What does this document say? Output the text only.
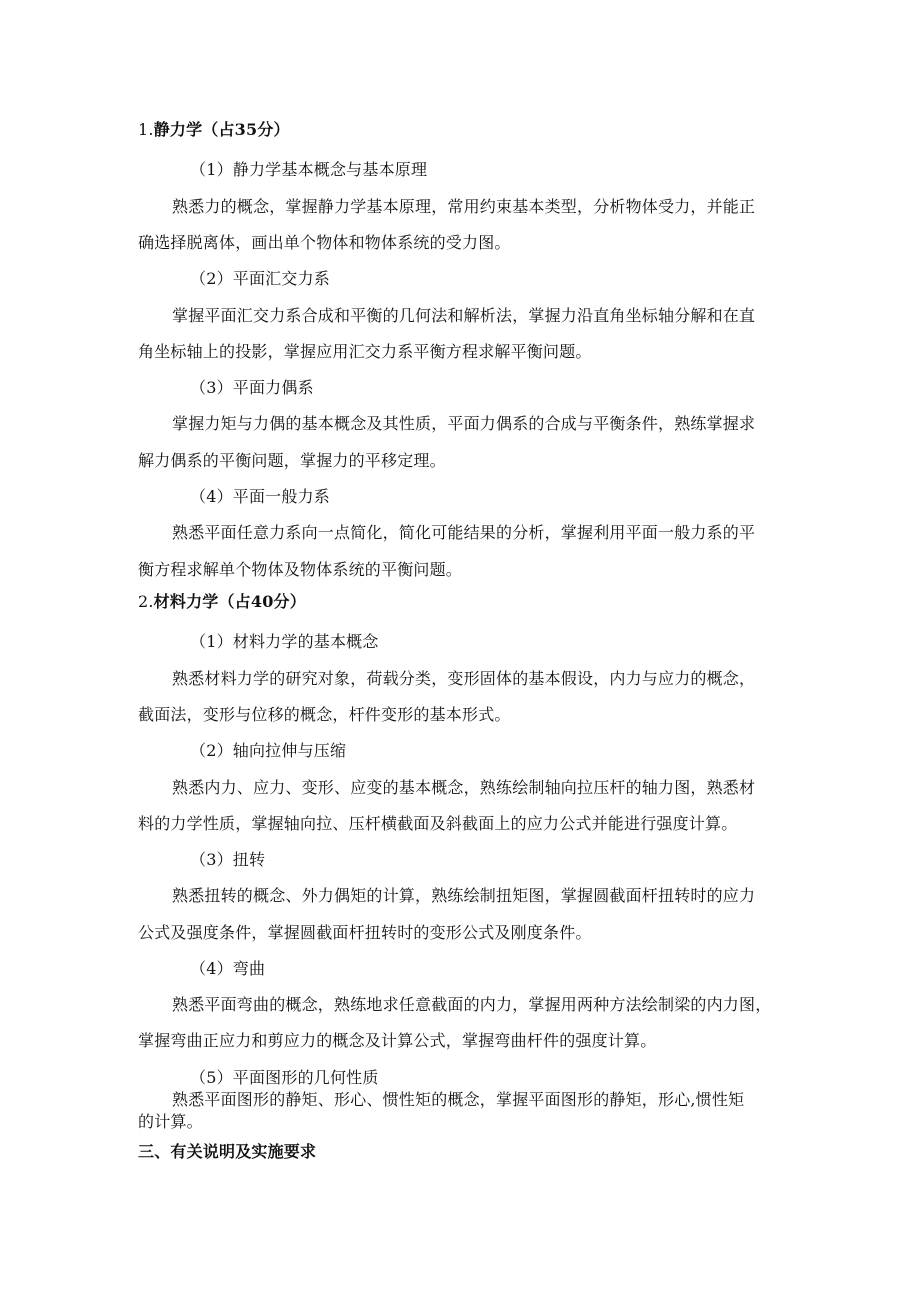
1.静力学（占35分）
（1）静力学基本概念与基本原理
熟悉力的概念，掌握静力学基本原理，常用约束基本类型，分析物体受力，并能正
确选择脱离体，画出单个物体和物体系统的受力图。
（2）平面汇交力系
掌握平面汇交力系合成和平衡的几何法和解析法，掌握力沿直角坐标轴分解和在直
角坐标轴上的投影，掌握应用汇交力系平衡方程求解平衡问题。
（3）平面力偶系
掌握力矩与力偶的基本概念及其性质，平面力偶系的合成与平衡条件，熟练掌握求
解力偶系的平衡问题，掌握力的平移定理。
（4）平面一般力系
熟悉平面任意力系向一点简化，简化可能结果的分析，掌握利用平面一般力系的平
衡方程求解单个物体及物体系统的平衡问题。
2.材料力学（占40分）
（1）材料力学的基本概念
熟悉材料力学的研究对象，荷载分类，变形固体的基本假设，内力与应力的概念，
截面法，变形与位移的概念，杆件变形的基本形式。
（2）轴向拉伸与压缩
熟悉内力、应力、变形、应变的基本概念，熟练绘制轴向拉压杆的轴力图，熟悉材
料的力学性质，掌握轴向拉、压杆横截面及斜截面上的应力公式并能进行强度计算。
（3）扭转
熟悉扭转的概念、外力偶矩的计算，熟练绘制扭矩图，掌握圆截面杆扭转时的应力
公式及强度条件，掌握圆截面杆扭转时的变形公式及刚度条件。
（4）弯曲
熟悉平面弯曲的概念，熟练地求任意截面的内力，掌握用两种方法绘制梁的内力图，
掌握弯曲正应力和剪应力的概念及计算公式，掌握弯曲杆件的强度计算。
（5）平面图形的几何性质
熟悉平面图形的静矩、形心、惯性矩的概念，掌握平面图形的静矩，形心,惯性矩
的计算。
三、有关说明及实施要求
